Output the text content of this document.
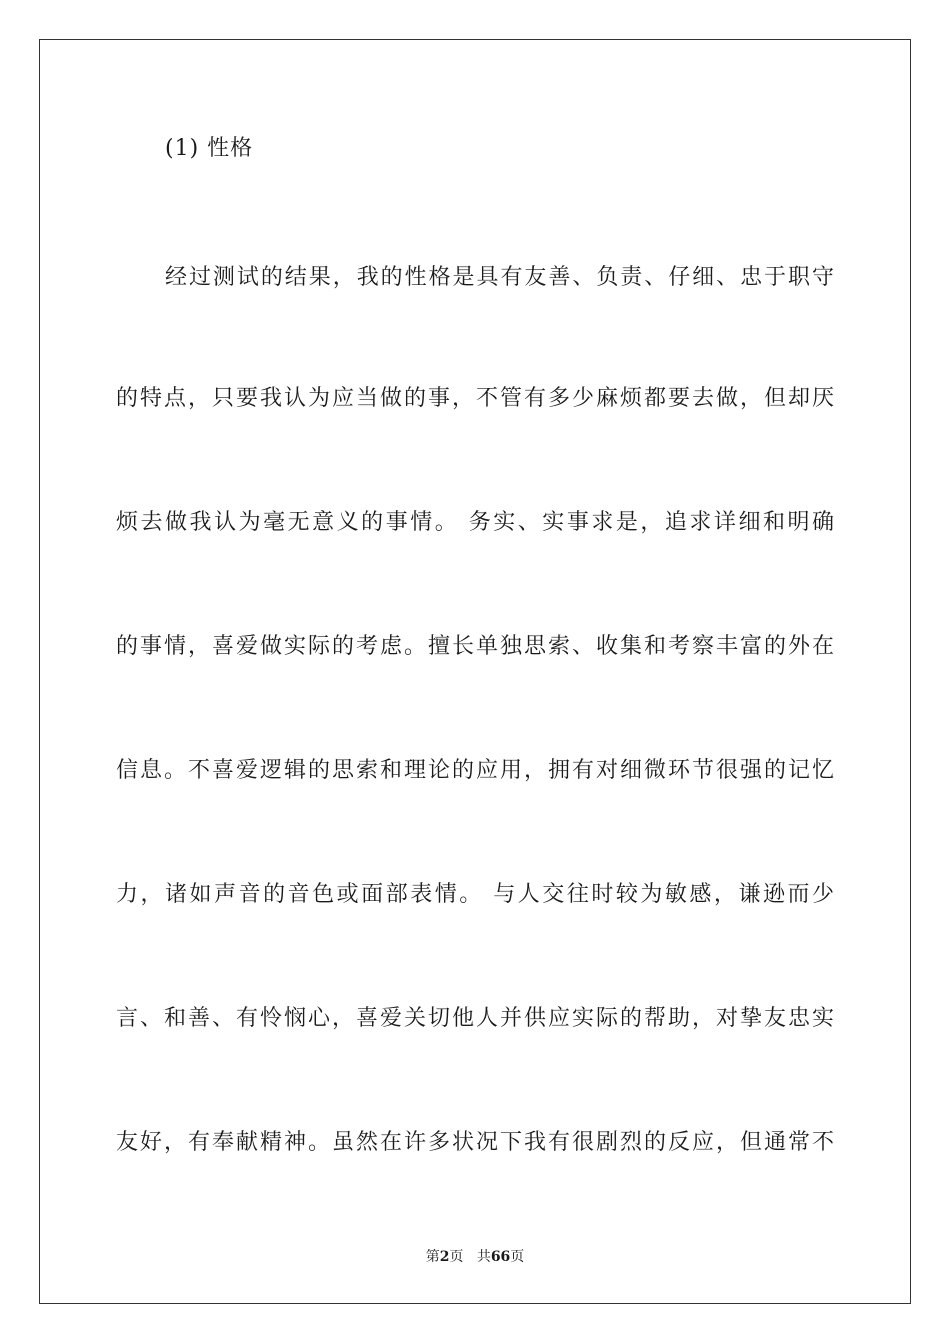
(1) 性格
经过测试的结果，我的性格是具有友善、负责、仔细、忠于职守
的特点，只要我认为应当做的事，不管有多少麻烦都要去做，但却厌
烦去做我认为毫无意义的事情。 务实、实事求是，追求详细和明确
的事情，喜爱做实际的考虑。擅长单独思索、收集和考察丰富的外在
信息。不喜爱逻辑的思索和理论的应用，拥有对细微环节很强的记忆
力，诸如声音的音色或面部表情。 与人交往时较为敏感，谦逊而少
言、和善、有怜悯心，喜爱关切他人并供应实际的帮助，对挚友忠实
友好，有奉献精神。虽然在许多状况下我有很剧烈的反应，但通常不
第2页 共66页
